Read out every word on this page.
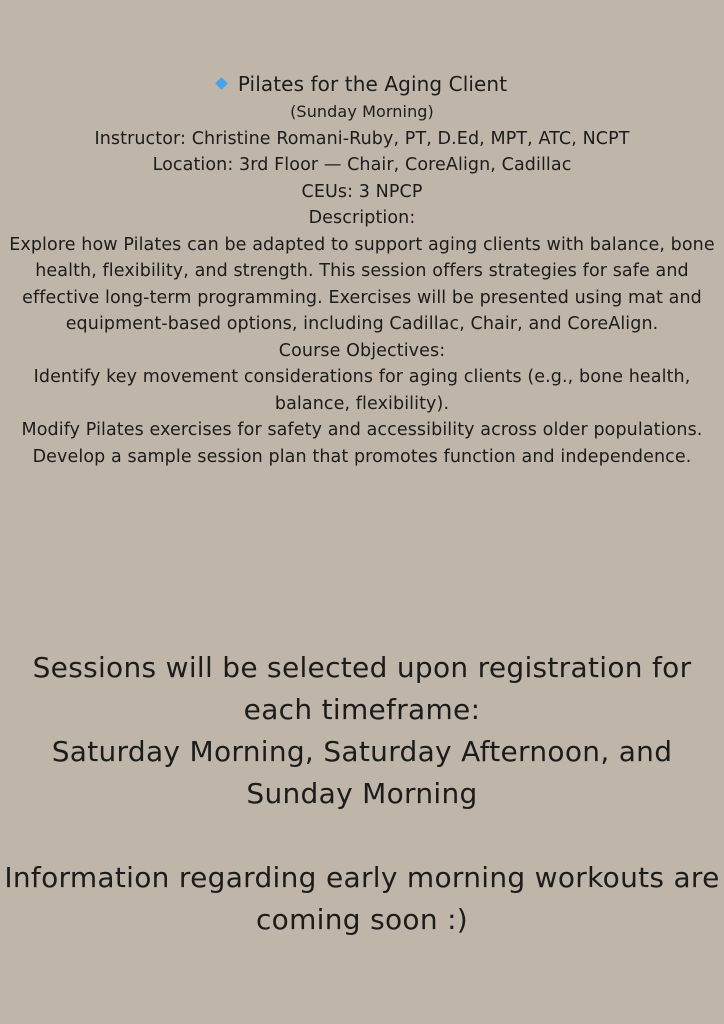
Pilates for the Aging Client

(Sunday Morning)

Instructor: Christine Romani-Ruby, PT, D.Ed, MPT, ATC, NCPT

Location: 3rd Floor — Chair, CoreAlign, Cadillac

CEUs: 3 NPCP

Description:

Explore how Pilates can be adapted to support aging clients with balance, bone health, flexibility, and strength. This session offers strategies for safe and effective long-term programming. Exercises will be presented using mat and equipment-based options, including Cadillac, Chair, and CoreAlign.

Course Objectives:

Identify key movement considerations for aging clients (e.g., bone health, balance, flexibility).

Modify Pilates exercises for safety and accessibility across older populations.

Develop a sample session plan that promotes function and independence.

Sessions will be selected upon registration for each timeframe:

Saturday Morning, Saturday Afternoon, and Sunday Morning

Information regarding early morning workouts are coming soon :)
